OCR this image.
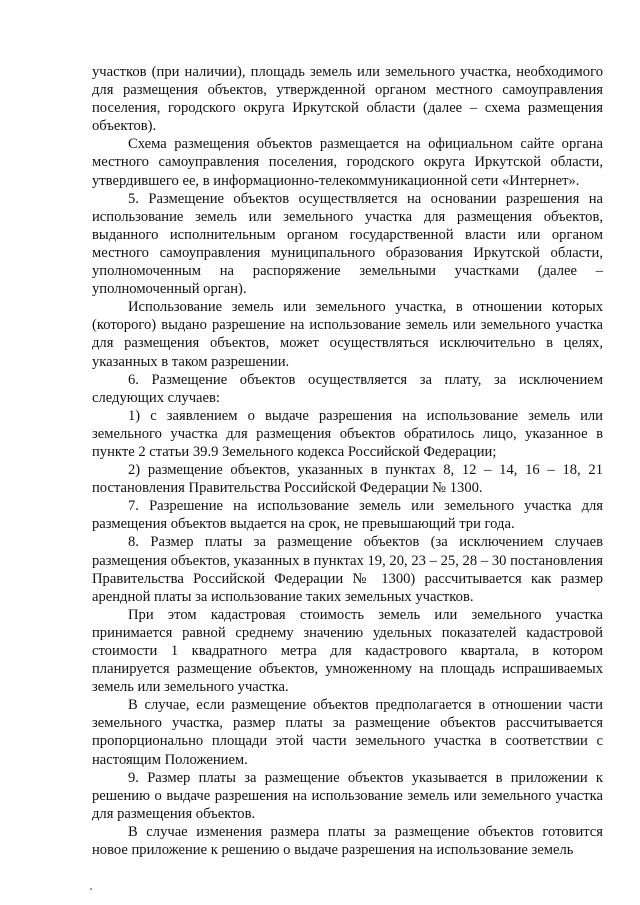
участков (при наличии), площадь земель или земельного участка, необходимого для размещения объектов, утвержденной органом местного самоуправления поселения, городского округа Иркутской области (далее – схема размещения объектов).

Схема размещения объектов размещается на официальном сайте органа местного самоуправления поселения, городского округа Иркутской области, утвердившего ее, в информационно-телекоммуникационной сети «Интернет».

5. Размещение объектов осуществляется на основании разрешения на использование земель или земельного участка для размещения объектов, выданного исполнительным органом государственной власти или органом местного самоуправления муниципального образования Иркутской области, уполномоченным на распоряжение земельными участками (далее – уполномоченный орган).

Использование земель или земельного участка, в отношении которых (которого) выдано разрешение на использование земель или земельного участка для размещения объектов, может осуществляться исключительно в целях, указанных в таком разрешении.

6. Размещение объектов осуществляется за плату, за исключением следующих случаев:

1) с заявлением о выдаче разрешения на использование земель или земельного участка для размещения объектов обратилось лицо, указанное в пункте 2 статьи 39.9 Земельного кодекса Российской Федерации;

2) размещение объектов, указанных в пунктах 8, 12 – 14, 16 – 18, 21 постановления Правительства Российской Федерации № 1300.

7. Разрешение на использование земель или земельного участка для размещения объектов выдается на срок, не превышающий три года.

8. Размер платы за размещение объектов (за исключением случаев размещения объектов, указанных в пунктах 19, 20, 23 – 25, 28 – 30 постановления Правительства Российской Федерации № 1300) рассчитывается как размер арендной платы за использование таких земельных участков.

При этом кадастровая стоимость земель или земельного участка принимается равной среднему значению удельных показателей кадастровой стоимости 1 квадратного метра для кадастрового квартала, в котором планируется размещение объектов, умноженному на площадь испрашиваемых земель или земельного участка.

В случае, если размещение объектов предполагается в отношении части земельного участка, размер платы за размещение объектов рассчитывается пропорционально площади этой части земельного участка в соответствии с настоящим Положением.

9. Размер платы за размещение объектов указывается в приложении к решению о выдаче разрешения на использование земель или земельного участка для размещения объектов.

В случае изменения размера платы за размещение объектов готовится новое приложение к решению о выдаче разрешения на использование земель
